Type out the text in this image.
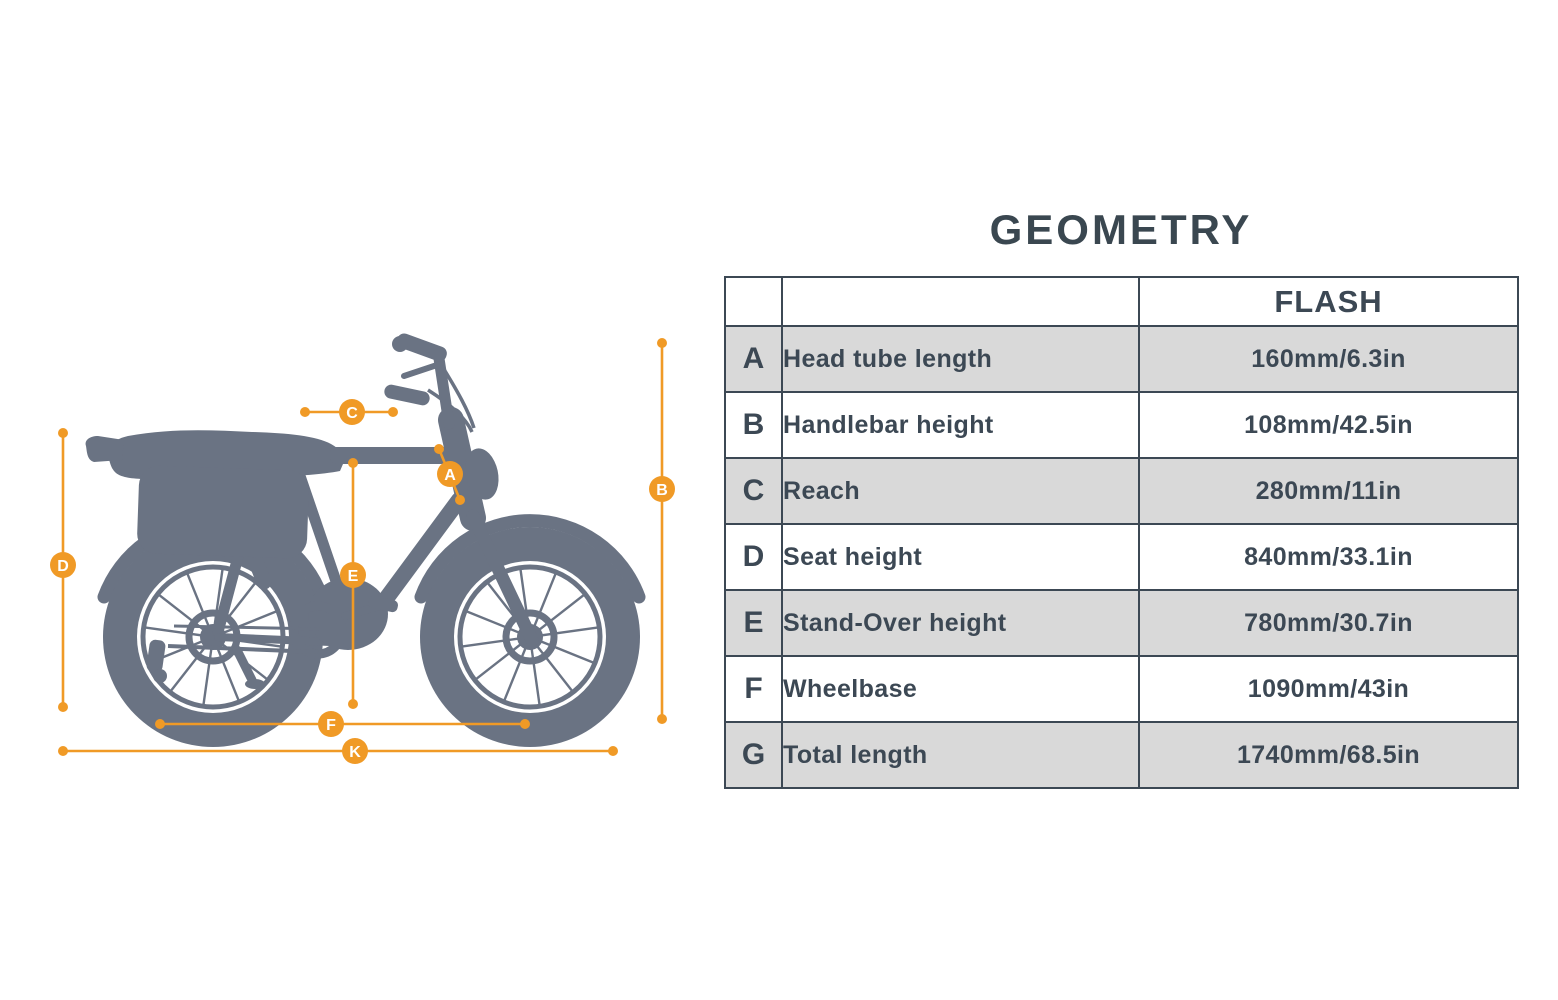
C
A
B
D
E
F
K
GEOMETRY
		FLASH
A	Head tube length	160mm/6.3in
B	Handlebar height	108mm/42.5in
C	Reach	280mm/11in
D	Seat height	840mm/33.1in
E	Stand-Over height	780mm/30.7in
F	Wheelbase	1090mm/43in
G	Total length	1740mm/68.5in
